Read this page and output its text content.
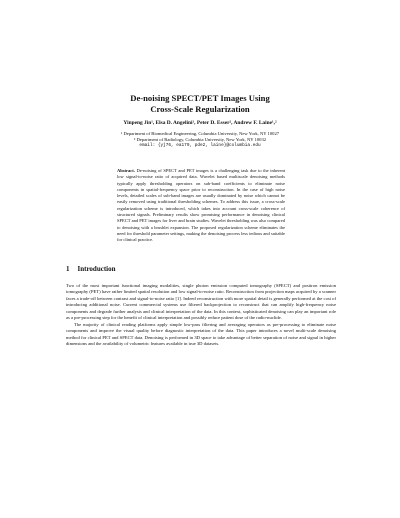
De-noising SPECT/PET Images Using
Cross-Scale Regularization
Yinpeng Jin¹, Elsa D. Angelini¹, Peter D. Esser², Andrew F. Laine¹,²
¹ Department of Biomedical Engineering, Columbia University, New York, NY 10027
² Department of Radiology, Columbia University, New York, NY 10032
email: {yj76, ea179, pde2, laine}@columbia.edu
Abstract. De-noising of SPECT and PET images is a challenging task due to the inherent low signal-to-noise ratio of acquired data. Wavelet based multiscale denoising methods typically apply thresholding operators on sub-band coefficients to eliminate noise components in spatial-frequency space prior to reconstruction. In the case of high noise levels, detailed scales of sub-band images are usually dominated by noise which cannot be easily removed using traditional thresholding schemes. To address this issue, a cross-scale regularization scheme is introduced, which takes into account cross-scale coherence of structured signals. Preliminary results show promising performance in denoising clinical SPECT and PET images for liver and brain studies. Wavelet thresholding was also compared to denoising with a brushlet expansion. The proposed regularization scheme eliminates the need for threshold parameter settings, making the denoising process less tedious and suitable for clinical practice.
1 Introduction

Two of the most important functional imaging modalities, single photon emission computed tomography (SPECT) and positron emission tomography (PET) have rather limited spatial resolution and low signal-to-noise ratio. Reconstruction from projection maps acquired by a scanner faces a trade-off between contrast and signal-to-noise ratio [1]. Indeed reconstruction with more spatial detail is generally performed at the cost of introducing additional noise. Current commercial systems use filtered backprojection to reconstruct that can amplify high-frequency noise components and degrade further analysis and clinical interpretation of the data. In this context, sophisticated denoising can play an important role as a pre-processing step for the benefit of clinical interpretation and possibly reduce patient dose of the radio-nuclide.

The majority of clinical reading platforms apply simple low-pass filtering and averaging operators as pre-processing to eliminate noise components and improve the visual quality before diagnostic interpretation of the data. This paper introduces a novel multi-scale denoising method for clinical PET and SPECT data. Denoising is performed in 3D space to take advantage of better separation of noise and signal in higher dimensions and the availability of volumetric features available in true 3D datasets.
